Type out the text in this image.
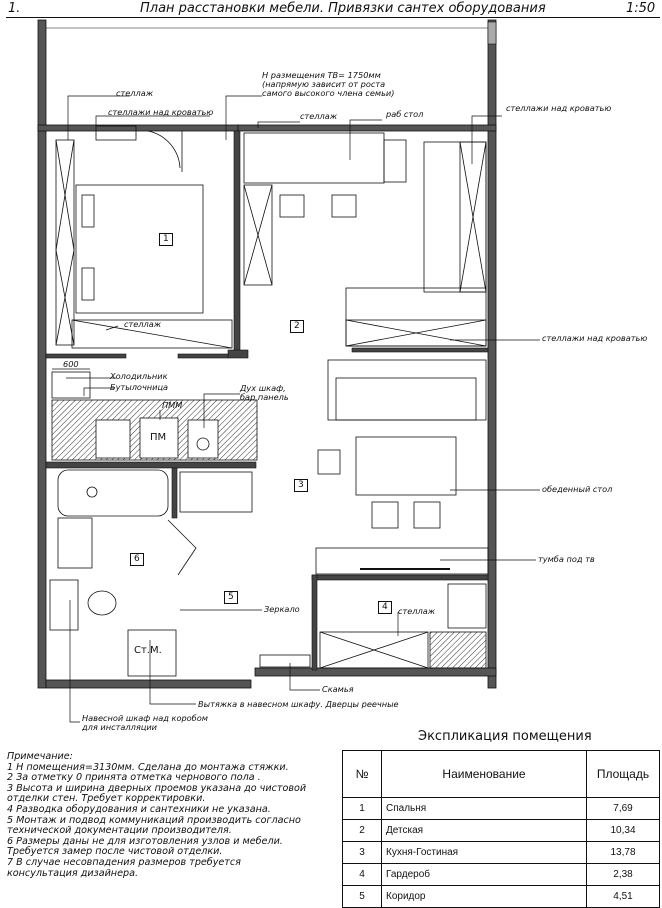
1.	План расстановки мебели. Привязки сантех оборудования	1:50
1
2
3
4
5
6
Н размещения ТВ= 1750мм
(напрямую зависит от роста
самого высокого члена семьи)
стеллаж
стеллажи над кроватью	стеллаж	раб стол
стеллажи над кроватью
стеллаж
стеллажи над кроватью
600
Холодильник
Бутылочница	Дух шкаф,
бар панель
ПММ
ПМ
обеденный стол
тумба под тв
Зеркало	стеллаж
Скамья
Ст.М.
Вытяжка в навесном шкафу. Дверцы реечные
Навесной шкаф над коробом
для инсталляции
Примечание:
1 Н помещения=3130мм. Сделана до монтажа стяжки.
2 За отметку 0 принята отметка чернового пола .
3 Высота и ширина дверных проемов указана до чистовой
отделки стен. Требует корректировки.
4 Разводка оборудования и сантехники не указана.
5 Монтаж и подвод коммуникаций производить согласно
технической документации производителя.
6 Размеры даны не для изготовления узлов и мебели.
Требуется замер после чистовой отделки.
7 В случае несовпадения размеров требуется
консультация дизайнера.
Экспликация помещения
№	Наименование	Площадь
1	Спальня	7,69
2	Детская	10,34
3	Кухня-Гостиная	13,78
4	Гардероб	2,38
5	Коридор	4,51
